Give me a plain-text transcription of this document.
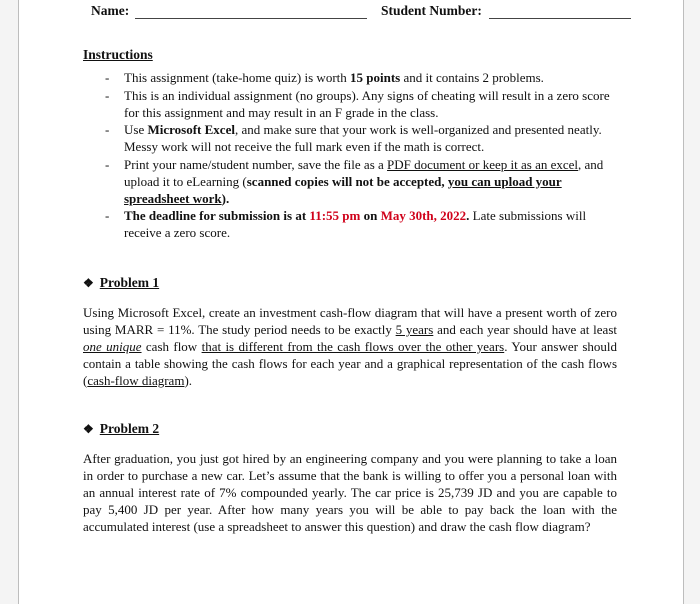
Name:	Student Number:
Instructions
- This assignment (take-home quiz) is worth 15 points and it contains 2 problems.
- This is an individual assignment (no groups). Any signs of cheating will result in a zero score for this assignment and may result in an F grade in the class.
- Use Microsoft Excel, and make sure that your work is well-organized and presented neatly. Messy work will not receive the full mark even if the math is correct.
- Print your name/student number, save the file as a PDF document or keep it as an excel, and upload it to eLearning (scanned copies will not be accepted, you can upload your spreadsheet work).
- The deadline for submission is at 11:55 pm on May 30th, 2022. Late submissions will receive a zero score.
❖ Problem 1

Using Microsoft Excel, create an investment cash-flow diagram that will have a present worth of zero using MARR = 11%. The study period needs to be exactly 5 years and each year should have at least one unique cash flow that is different from the cash flows over the other years. Your answer should contain a table showing the cash flows for each year and a graphical representation of the cash flows (cash-flow diagram).

❖ Problem 2

After graduation, you just got hired by an engineering company and you were planning to take a loan in order to purchase a new car. Let’s assume that the bank is willing to offer you a personal loan with an annual interest rate of 7% compounded yearly. The car price is 25,739 JD and you are capable to pay 5,400 JD per year. After how many years you will be able to pay back the loan with the accumulated interest (use a spreadsheet to answer this question) and draw the cash flow diagram?
